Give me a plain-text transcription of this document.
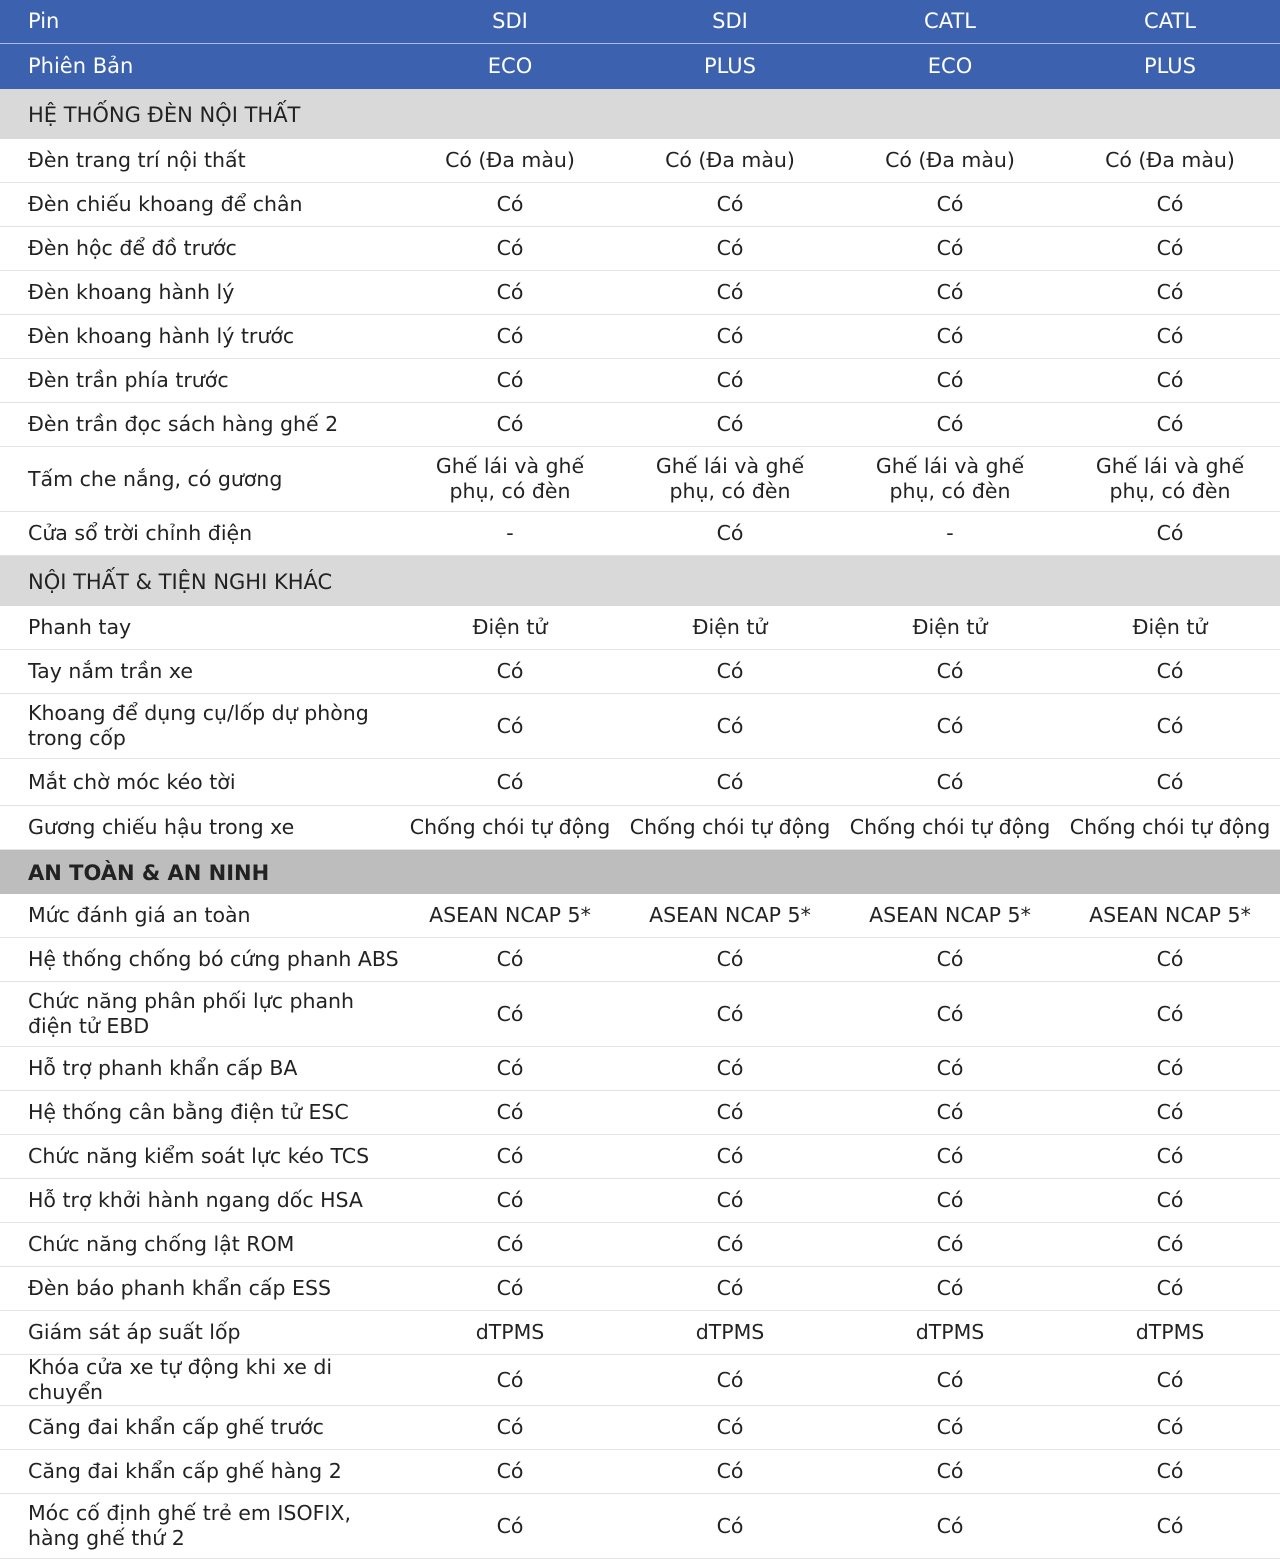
Pin	SDI	SDI	CATL	CATL
Phiên Bản	ECO	PLUS	ECO	PLUS
HỆ THỐNG ĐÈN NỘI THẤT				
Đèn trang trí nội thất	Có (Đa màu)	Có (Đa màu)	Có (Đa màu)	Có (Đa màu)
Đèn chiếu khoang để chân	Có	Có	Có	Có
Đèn hộc để đồ trước	Có	Có	Có	Có
Đèn khoang hành lý	Có	Có	Có	Có
Đèn khoang hành lý trước	Có	Có	Có	Có
Đèn trần phía trước	Có	Có	Có	Có
Đèn trần đọc sách hàng ghế 2	Có	Có	Có	Có
Tấm che nắng, có gương	Ghế lái và ghế phụ, có đèn	Ghế lái và ghế phụ, có đèn	Ghế lái và ghế phụ, có đèn	Ghế lái và ghế phụ, có đèn
Cửa sổ trời chỉnh điện	-	Có	-	Có
NỘI THẤT & TIỆN NGHI KHÁC				
Phanh tay	Điện tử	Điện tử	Điện tử	Điện tử
Tay nắm trần xe	Có	Có	Có	Có
Khoang để dụng cụ/lốp dự phòng trong cốp	Có	Có	Có	Có
Mắt chờ móc kéo tời	Có	Có	Có	Có
Gương chiếu hậu trong xe	Chống chói tự động	Chống chói tự động	Chống chói tự động	Chống chói tự động
AN TOÀN & AN NINH				
Mức đánh giá an toàn	ASEAN NCAP 5*	ASEAN NCAP 5*	ASEAN NCAP 5*	ASEAN NCAP 5*
Hệ thống chống bó cứng phanh ABS	Có	Có	Có	Có
Chức năng phân phối lực phanh điện tử EBD	Có	Có	Có	Có
Hỗ trợ phanh khẩn cấp BA	Có	Có	Có	Có
Hệ thống cân bằng điện tử ESC	Có	Có	Có	Có
Chức năng kiểm soát lực kéo TCS	Có	Có	Có	Có
Hỗ trợ khởi hành ngang dốc HSA	Có	Có	Có	Có
Chức năng chống lật ROM	Có	Có	Có	Có
Đèn báo phanh khẩn cấp ESS	Có	Có	Có	Có
Giám sát áp suất lốp	dTPMS	dTPMS	dTPMS	dTPMS
Khóa cửa xe tự động khi xe di chuyển	Có	Có	Có	Có
Căng đai khẩn cấp ghế trước	Có	Có	Có	Có
Căng đai khẩn cấp ghế hàng 2	Có	Có	Có	Có
Móc cố định ghế trẻ em ISOFIX, hàng ghế thứ 2	Có	Có	Có	Có
